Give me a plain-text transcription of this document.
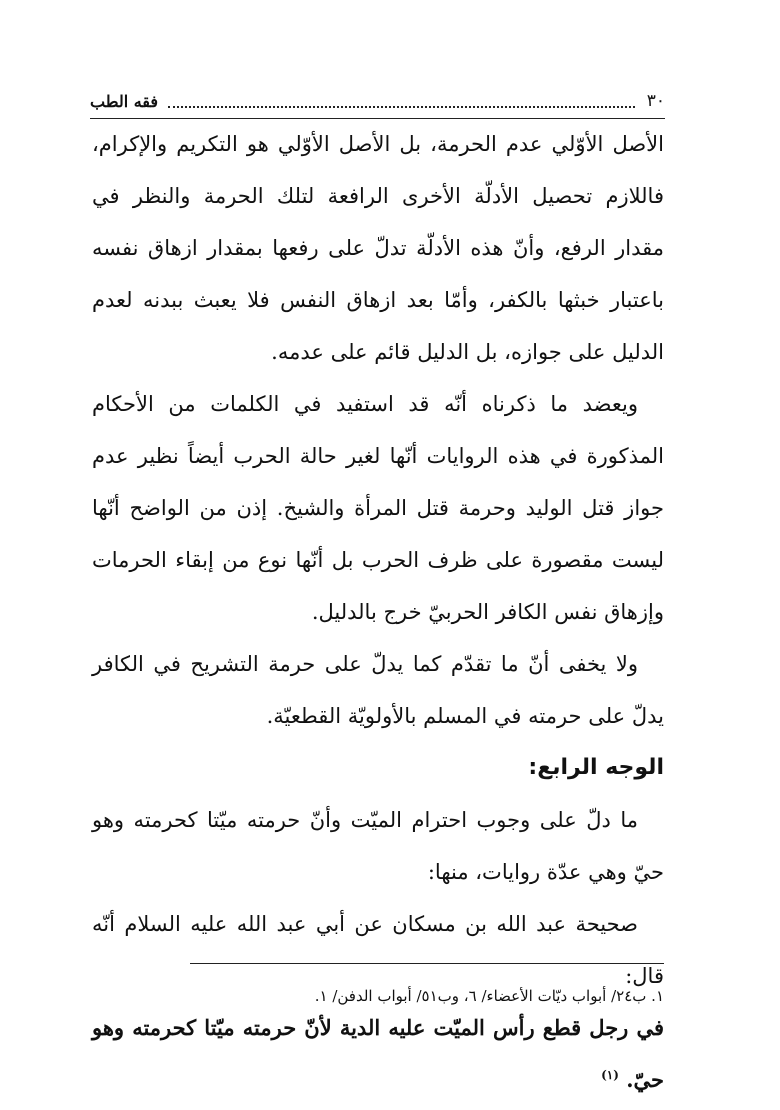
٣٠
فقه الطب

الأصل الأوّلي عدم الحرمة، بل الأصل الأوّلي هو التكريم والإكرام، فاللازم تحصيل الأدلّة الأخرى الرافعة لتلك الحرمة والنظر في مقدار الرفع، وأنّ هذه الأدلّة تدلّ على رفعها بمقدار ازهاق نفسه باعتبار خبثها بالكفر، وأمّا بعد ازهاق النفس فلا يعبث ببدنه لعدم الدليل على جوازه، بل الدليل قائم على عدمه.

ويعضد ما ذكرناه أنّه قد استفيد في الكلمات من الأحكام المذكورة في هذه الروايات أنّها لغير حالة الحرب أيضاً نظير عدم جواز قتل الوليد وحرمة قتل المرأة والشيخ. إذن من الواضح أنّها ليست مقصورة على ظرف الحرب بل أنّها نوع من إبقاء الحرمات وإزهاق نفس الكافر الحربيّ خرج بالدليل.

ولا يخفى أنّ ما تقدّم كما يدلّ على حرمة التشريح في الكافر يدلّ على حرمته في المسلم بالأولويّة القطعيّة.

الوجه الرابع:

ما دلّ على وجوب احترام الميّت وأنّ حرمته ميّتا كحرمته وهو حيّ وهي عدّة روايات، منها:

صحيحة عبد الله بن مسكان عن أبي عبد الله عليه السلام أنّه قال:

في رجل قطع رأس الميّت عليه الدية لأنّ حرمته ميّتا كحرمته وهو حيّ. $^{(١)}$

١. ب٢٤/ أبواب ديّات الأعضاء/ ٦، وب٥١/ أبواب الدفن/ ١.
